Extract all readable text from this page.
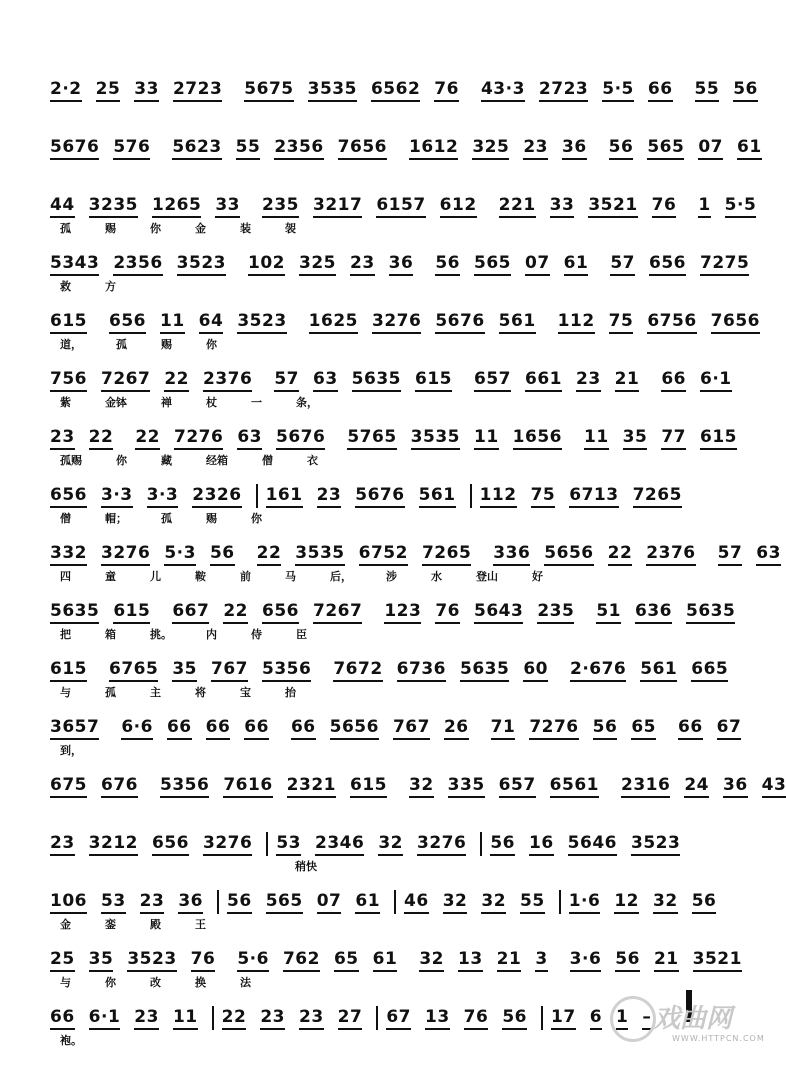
2·2 25 33 2723 5675 3535 6562 76 43·3 2723 5·5 66 55 56
5676 576 5623 55 2356 7656 1612 325 23 36 56 565 07 61
44 3235 1265 33 235 3217 6157 612 221 33 3521 76 1 5·5
孤	赐	你	金	装	袈
5343 2356 3523 102 325 23 36 56 565 07 61 57 656 7275
救	方
615 656 11 64 3523 1625 3276 5676 561 112 75 6756 7656
道，	孤	赐	你
756 7267 22 2376 57 63 5635 615 657 661 23 21 66 6·1
紫	金钵	禅	杖	一	条，
23 22 22 7276 63 5676 5765 3535 11 1656 11 35 77 615
孤赐	你	藏	经箱	僧	衣
656 3·3 3·3 2326 161 23 5676 561 112 75 6713 7265
僧	帽；	孤	赐	你
332 3276 5·3 56 22 3535 6752 7265 336 5656 22 2376 57 63
四	童	儿	鞍	前	马	后，	涉	水	登山	好
5635 615 667 22 656 7267 123 76 5643 235 51 636 5635
把	箱	挑。	内	侍	臣
615 6765 35 767 5356 7672 6736 5635 60 2·676 561 665
与	孤	主	将	宝	抬
3657 6·6 66 66 66 66 5656 767 26 71 7276 56 65 66 67
到，
675 676 5356 7616 2321 615 32 335 657 6561 2316 24 36 43
23 3212 656 3276 53 2346 32 3276 56 16 5646 3523
106 53 23 36 56 565 07 61 46 32 32 55 1·6 12 32 56
金	銮	殿	王
25 35 3523 76 5·6 762 65 61 32 13 21 3 3·6 56 21 3521
与	你	改	换	法
66 6·1 23 11 22 23 23 27 67 13 76 56 17 6 1 –
袍。
稍快
戏曲网
WWW.HTTPCN.COM
